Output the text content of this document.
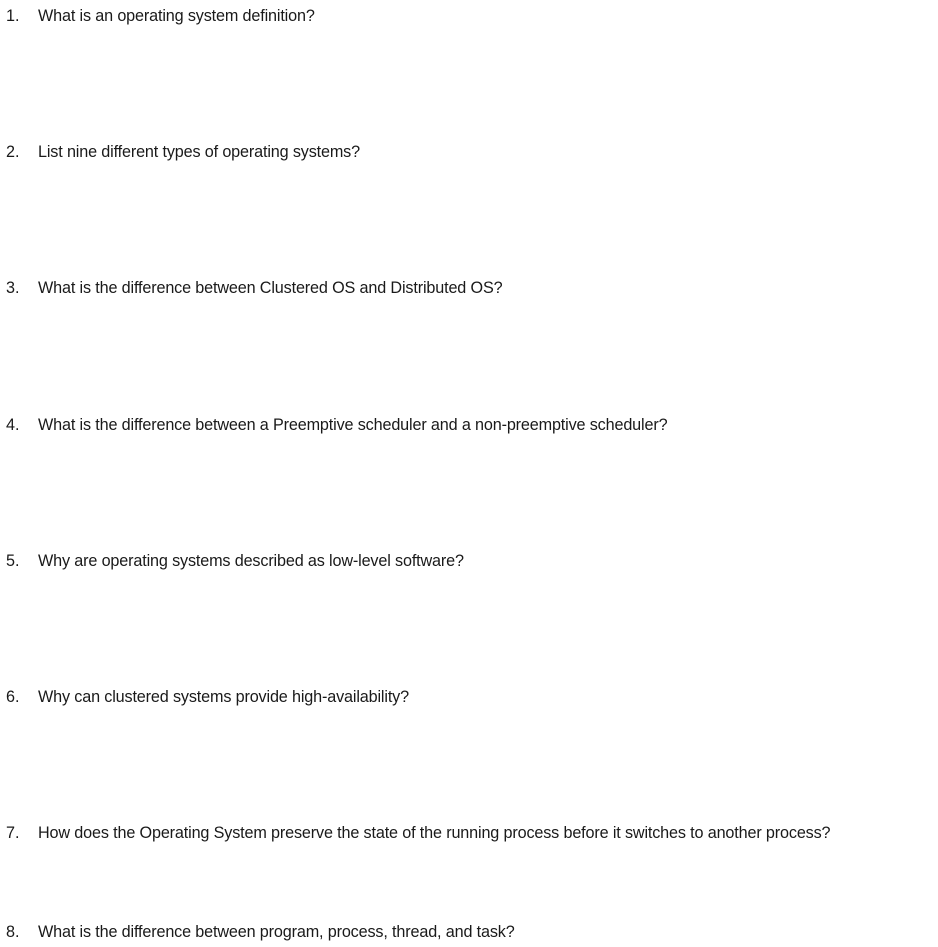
1.	What is an operating system definition?
2.	List nine different types of operating systems?
3.	What is the difference between Clustered OS and Distributed OS?
4.	What is the difference between a Preemptive scheduler and a non-preemptive scheduler?
5.	Why are operating systems described as low-level software?
6.	Why can clustered systems provide high-availability?
7.	How does the Operating System preserve the state of the running process before it switches to another process?
8.	What is the difference between program, process, thread, and task?
